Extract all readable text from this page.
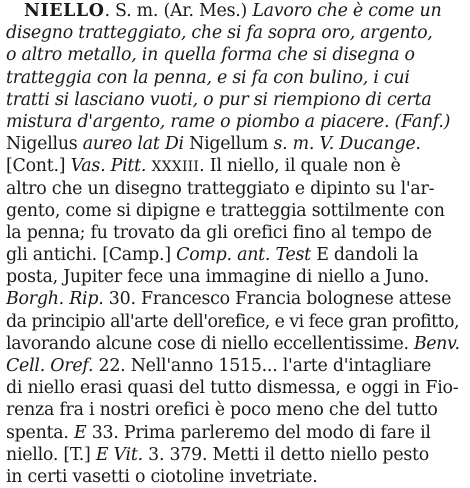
NIELLO. S. m. (Ar. Mes.) Lavoro che è come un
disegno tratteggiato, che si fa sopra oro, argento,
o altro metallo, in quella forma che si disegna o
tratteggia con la penna, e si fa con bulino, i cui
tratti si lasciano vuoti, o pur si riempiono di certa
mistura d'argento, rame o piombo a piacere. (Fanf.)
Nigellus aureo lat Di Nigellum s. m. V. Ducange.
[Cont.] Vas. Pitt. XXXIII. Il niello, il quale non è
altro che un disegno tratteggiato e dipinto su l'ar-
gento, come si dipigne e tratteggia sottilmente con
la penna; fu trovato da gli orefici fino al tempo de
gli antichi. [Camp.] Comp. ant. Test E dandoli la
posta, Jupiter fece una immagine di niello a Juno.
Borgh. Rip. 30. Francesco Francia bolognese attese
da principio all'arte dell'orefice, e vi fece gran profitto,
lavorando alcune cose di niello eccellentissime. Benv.
Cell. Oref. 22. Nell'anno 1515... l'arte d'intagliare
di niello erasi quasi del tutto dismessa, e oggi in Fio-
renza fra i nostri orefici è poco meno che del tutto
spenta. E 33. Prima parleremo del modo di fare il
niello. [T.] E Vit. 3. 379. Metti il detto niello pesto
in certi vasetti o ciotoline invetriate.
